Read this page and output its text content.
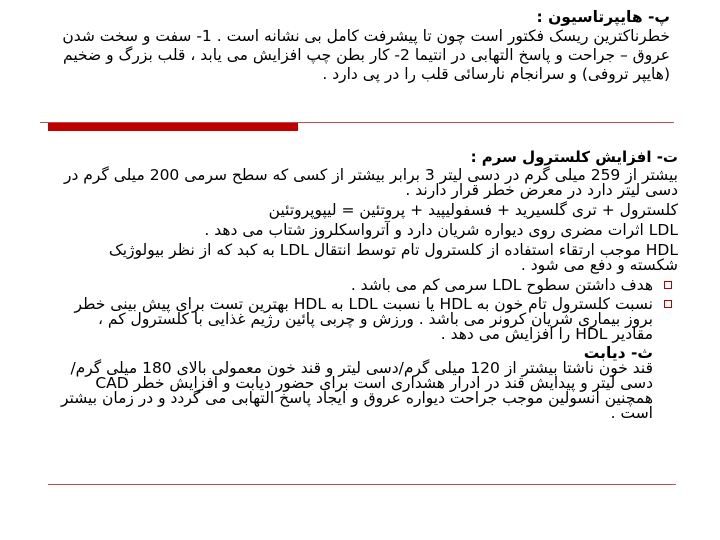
پ- هایپرتاسیون :
خطرناکترین ریسک فکتور است چون تا پیشرفت کامل بی نشانه است . 1- سفت و سخت شدن عروق – جراحت و پاسخ التهابی در انتیما 2- کار بطن چپ افزایش می یابد ، قلب بزرگ و ضخیم (هایپر تروفی) و سرانجام نارسائی قلب را در پی دارد .

ت- افزایش کلسترول سرم :

بیشتر از 259 میلی گرم در دسی لیتر 3 برابر بیشتر از کسی که سطح سرمی 200 میلی گرم در دسی لیتر دارد در معرض خطر قرار دارند .

کلسترول + تری گلسیرید + فسفولیپید + پروتئین = لیپوپروتئین

LDL اثرات مضری روی دیواره شریان دارد و آترواسکلروز شتاب می دهد .

HDL موجب ارتقاء استفاده از کلسترول تام توسط انتقال LDL به کبد که از نظر بیولوژیک شکسته و دفع می شود .

هدف داشتن سطوح LDL سرمی کم می باشد .
نسبت کلسترول تام خون به HDL یا نسبت LDL به HDL بهترین تست برای پیش بینی خطر بروز بیماری شریان کرونر می باشد . ورزش و چربی پائین رژیم غذایی با کلسترول کم ، مقادیر HDL را افزایش می دهد .

ث- دیابت

قند خون ناشتا بیشتر از 120 میلی گرم/دسی لیتر و قند خون معمولی بالای 180 میلی گرم/دسی لیتر و پیدایش قند در ادرار هشداری است برای حضور دیابت و افزایش خطر CAD همچنین انسولین موجب جراحت دیواره عروق و ایجاد پاسخ التهابی می گردد و در زمان بیشتر است .
